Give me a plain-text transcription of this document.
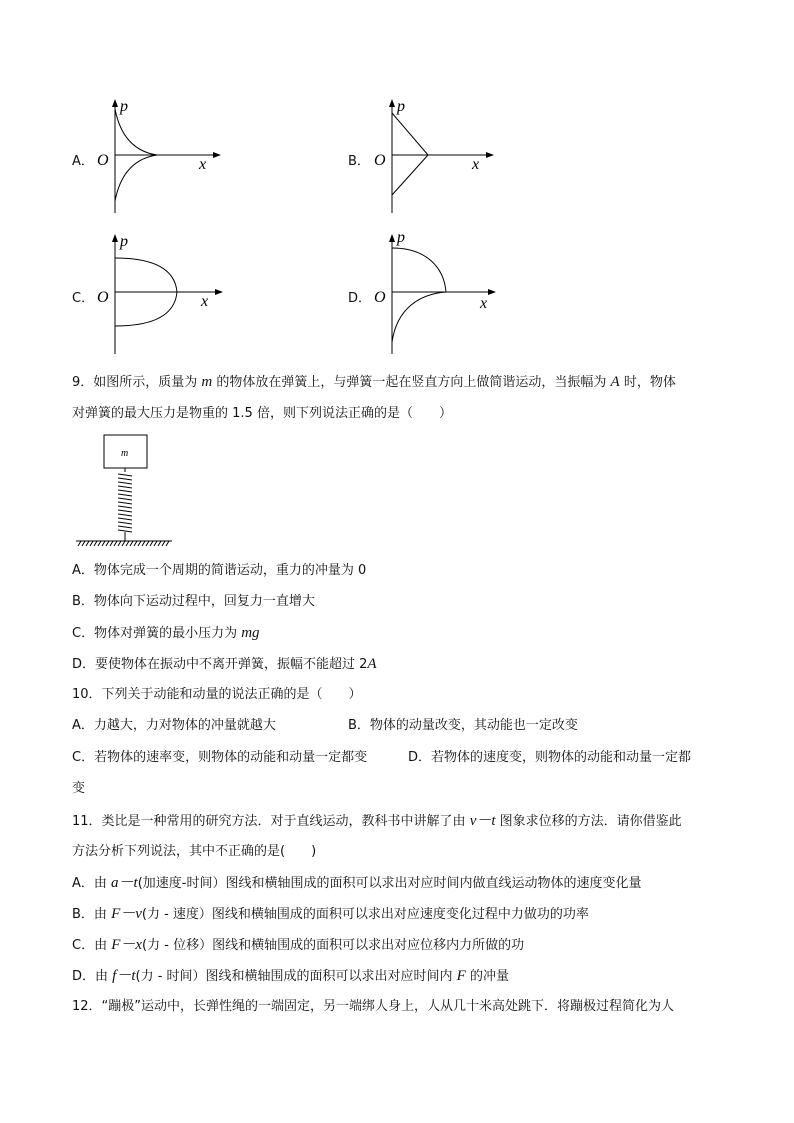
A．
p
O	x	B．
p
O	x
C．
p
O	x	D．
p
O	x
9．如图所示，质量为 m 的物体放在弹簧上，与弹簧一起在竖直方向上做简谐运动，当振幅为 A 时，物体
对弹簧的最大压力是物重的 1.5 倍，则下列说法正确的是（　　）
m
A．物体完成一个周期的简谐运动，重力的冲量为 0
B．物体向下运动过程中，回复力一直增大
C．物体对弹簧的最小压力为 mg
D．要使物体在振动中不离开弹簧，振幅不能超过 2A
10．下列关于动能和动量的说法正确的是（　　）
A．力越大，力对物体的冲量就越大	B．物体的动量改变，其动能也一定改变
C．若物体的速率变，则物体的动能和动量一定都变	D．若物体的速度变，则物体的动能和动量一定都
变
11．类比是一种常用的研究方法．对于直线运动，教科书中讲解了由 v－t 图象求位移的方法．请你借鉴此
方法分析下列说法，其中不正确的是(　　)
A．由 a－t(加速度-时间）图线和横轴围成的面积可以求出对应时间内做直线运动物体的速度变化量
B．由 F－v(力 - 速度）图线和横轴围成的面积可以求出对应速度变化过程中力做功的功率
C．由 F－x(力 - 位移）图线和横轴围成的面积可以求出对应位移内力所做的功
D．由 f－t(力 - 时间）图线和横轴围成的面积可以求出对应时间内 F 的冲量
12．“蹦极”运动中，长弹性绳的一端固定，另一端绑人身上，人从几十米高处跳下．将蹦极过程简化为人
